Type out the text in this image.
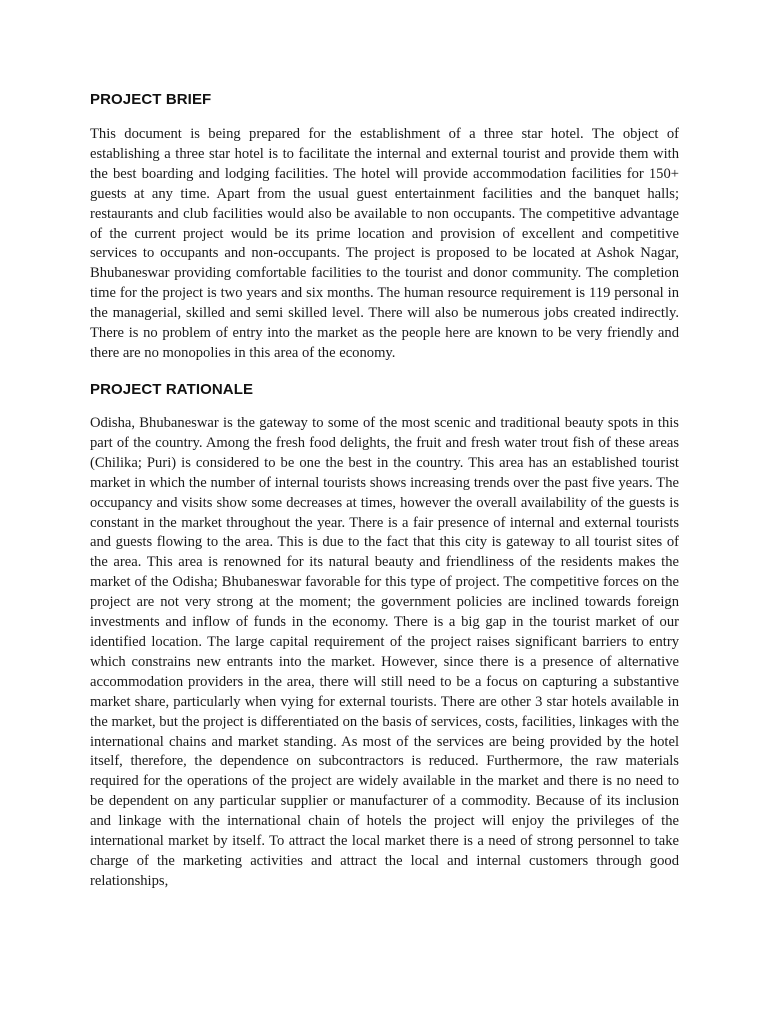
PROJECT BRIEF

This document is being prepared for the establishment of a three star hotel. The object of establishing a three star hotel is to facilitate the internal and external tourist and provide them with the best boarding and lodging facilities. The hotel will provide accommodation facilities for 150+ guests at any time. Apart from the usual guest entertainment facilities and the banquet halls; restaurants and club facilities would also be available to non occupants. The competitive advantage of the current project would be its prime location and provision of excellent and competitive services to occupants and non-occupants. The project is proposed to be located at Ashok Nagar, Bhubaneswar providing comfortable facilities to the tourist and donor community. The completion time for the project is two years and six months. The human resource requirement is 119 personal in the managerial, skilled and semi skilled level. There will also be numerous jobs created indirectly. There is no problem of entry into the market as the people here are known to be very friendly and there are no monopolies in this area of the economy.

PROJECT RATIONALE

Odisha, Bhubaneswar is the gateway to some of the most scenic and traditional beauty spots in this part of the country. Among the fresh food delights, the fruit and fresh water trout fish of these areas (Chilika; Puri) is considered to be one the best in the country. This area has an established tourist market in which the number of internal tourists shows increasing trends over the past five years. The occupancy and visits show some decreases at times, however the overall availability of the guests is constant in the market throughout the year. There is a fair presence of internal and external tourists and guests flowing to the area. This is due to the fact that this city is gateway to all tourist sites of the area. This area is renowned for its natural beauty and friendliness of the residents makes the market of the Odisha; Bhubaneswar favorable for this type of project. The competitive forces on the project are not very strong at the moment; the government policies are inclined towards foreign investments and inflow of funds in the economy. There is a big gap in the tourist market of our identified location. The large capital requirement of the project raises significant barriers to entry which constrains new entrants into the market. However, since there is a presence of alternative accommodation providers in the area, there will still need to be a focus on capturing a substantive market share, particularly when vying for external tourists. There are other 3 star hotels available in the market, but the project is differentiated on the basis of services, costs, facilities, linkages with the international chains and market standing. As most of the services are being provided by the hotel itself, therefore, the dependence on subcontractors is reduced. Furthermore, the raw materials required for the operations of the project are widely available in the market and there is no need to be dependent on any particular supplier or manufacturer of a commodity. Because of its inclusion and linkage with the international chain of hotels the project will enjoy the privileges of the international market by itself. To attract the local market there is a need of strong personnel to take charge of the marketing activities and attract the local and internal customers through good relationships,
